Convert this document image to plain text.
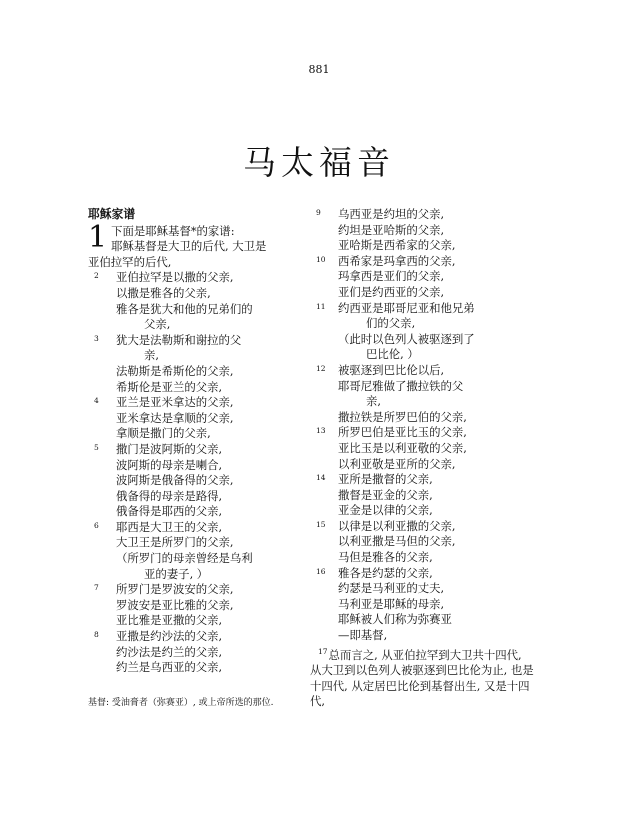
881
马太福音
耶稣家谱
1 下面是耶稣基督*的家谱:
耶稣基督是大卫的后代, 大卫是
亚伯拉罕的后代,
2 亚伯拉罕是以撒的父亲,
以撒是雅各的父亲,
雅各是犹大和他的兄弟们的
父亲,
3 犹大是法勒斯和谢拉的父
亲,
法勒斯是希斯伦的父亲,
希斯伦是亚兰的父亲,
4 亚兰是亚米拿达的父亲,
亚米拿达是拿顺的父亲,
拿顺是撒门的父亲,
5 撒门是波阿斯的父亲,
波阿斯的母亲是喇合,
波阿斯是俄备得的父亲,
俄备得的母亲是路得,
俄备得是耶西的父亲,
6 耶西是大卫王的父亲,
大卫王是所罗门的父亲,
（所罗门的母亲曾经是乌利
亚的妻子, ）
7 所罗门是罗波安的父亲,
罗波安是亚比雅的父亲,
亚比雅是亚撒的父亲,
8 亚撒是约沙法的父亲,
约沙法是约兰的父亲,
约兰是乌西亚的父亲,
9 乌西亚是约坦的父亲,
约坦是亚哈斯的父亲,
亚哈斯是西希家的父亲,
10 西希家是玛拿西的父亲,
玛拿西是亚们的父亲,
亚们是约西亚的父亲,
11 约西亚是耶哥尼亚和他兄弟
们的父亲,
（此时以色列人被驱逐到了
巴比伦, ）
12 被驱逐到巴比伦以后,
耶哥尼雅做了撒拉铁的父
亲,
撒拉铁是所罗巴伯的父亲,
13 所罗巴伯是亚比玉的父亲,
亚比玉是以利亚敬的父亲,
以利亚敬是亚所的父亲,
14 亚所是撒督的父亲,
撒督是亚金的父亲,
亚金是以律的父亲,
15 以律是以利亚撒的父亲,
以利亚撒是马但的父亲,
马但是雅各的父亲,
16 雅各是约瑟的父亲,
约瑟是马利亚的丈夫,
马利亚是耶稣的母亲,
耶稣被人们称为弥赛亚
—即基督,
$^{17}$总而言之, 从亚伯拉罕到大卫共十四代, 从大卫到以色列人被驱逐到巴比伦为止, 也是十四代, 从定居巴比伦到基督出生, 又是十四代,
基督: 受油膏者（弥赛亚）, 或上帝所选的那位.
